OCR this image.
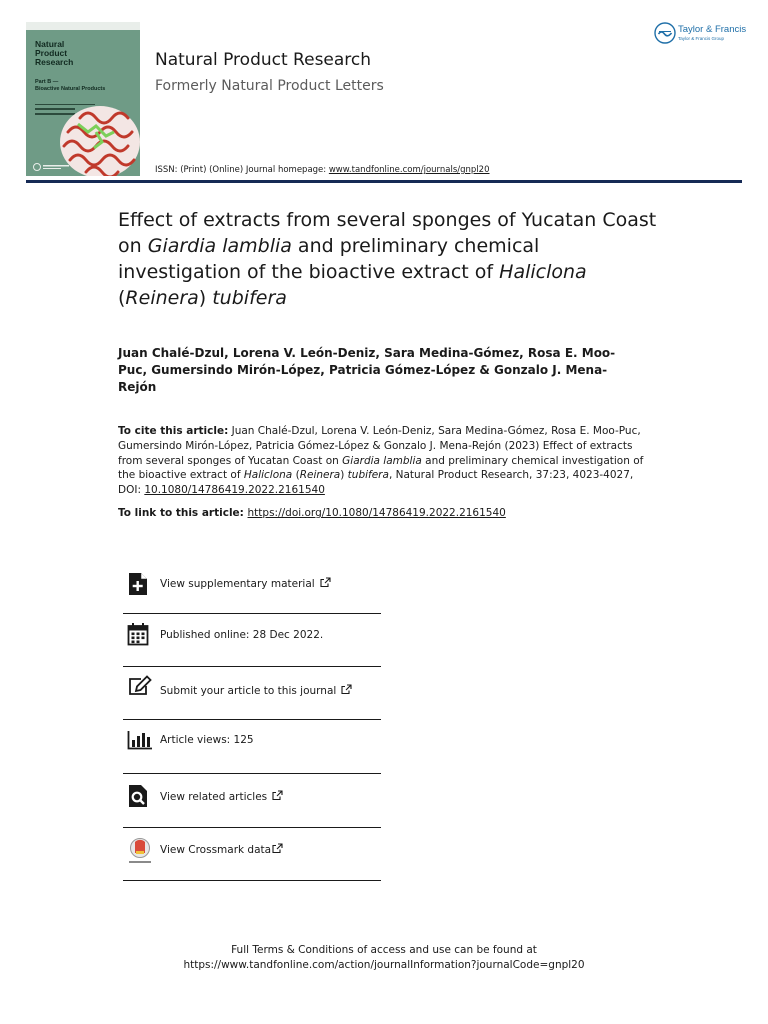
Natural
Product
Research
Part B —
Bioactive Natural Products
Natural Product Research
Formerly Natural Product Letters
ISSN: (Print) (Online) Journal homepage: www.tandfonline.com/journals/gnpl20
Taylor & Francis
Taylor & Francis Group
Effect of extracts from several sponges of Yucatan Coast on Giardia lamblia and preliminary chemical investigation of the bioactive extract of Haliclona (Reinera) tubifera
Juan Chalé-Dzul, Lorena V. León-Deniz, Sara Medina-Gómez, Rosa E. Moo-Puc, Gumersindo Mirón-López, Patricia Gómez-López & Gonzalo J. Mena-Rejón
To cite this article: Juan Chalé-Dzul, Lorena V. León-Deniz, Sara Medina-Gómez, Rosa E. Moo-Puc, Gumersindo Mirón-López, Patricia Gómez-López & Gonzalo J. Mena-Rejón (2023) Effect of extracts from several sponges of Yucatan Coast on Giardia lamblia and preliminary chemical investigation of the bioactive extract of Haliclona (Reinera) tubifera, Natural Product Research, 37:23, 4023-4027, DOI: 10.1080/14786419.2022.2161540
To link to this article: https://doi.org/10.1080/14786419.2022.2161540
View supplementary material
Published online: 28 Dec 2022.
Submit your article to this journal
Article views: 125
View related articles
View Crossmark data
Full Terms & Conditions of access and use can be found at
https://www.tandfonline.com/action/journalInformation?journalCode=gnpl20
